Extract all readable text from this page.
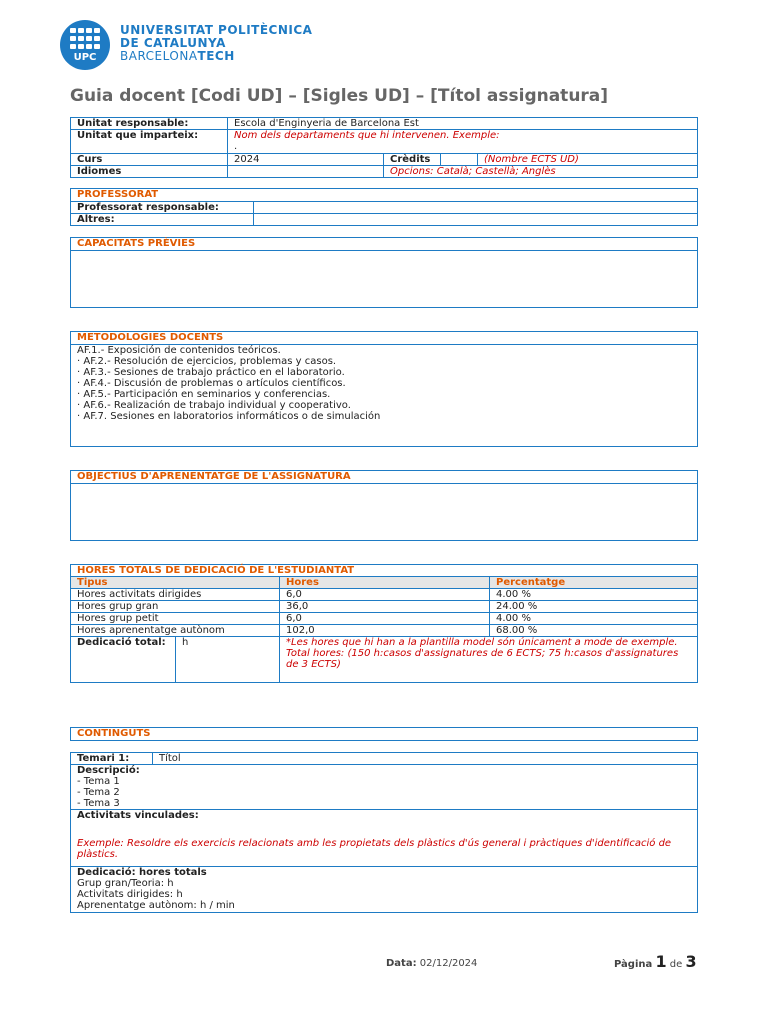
UPC
UNIVERSITAT POLITÈCNICA
DE CATALUNYA
BARCELONATECH
Guia docent [Codi UD] – [Sigles UD] – [Títol assignatura]
Unitat responsable:	Escola d'Enginyeria de Barcelona Est			
Unitat que imparteix:	Nom dels departaments que hi intervenen. Exemple:
.			

Curs	2024	Crèdits		(Nombre ECTS UD)
Idiomes		Opcions: Català; Castellà; Anglès		
PROFESSORAT	
Professorat responsable:	
Altres:	
CAPACITATS PRÈVIES

METODOLOGIES DOCENTS

AF.1.- Exposición de contenidos teóricos.
· AF.2.- Resolución de ejercicios, problemas y casos.
· AF.3.- Sesiones de trabajo práctico en el laboratorio.
· AF.4.- Discusión de problemas o artículos científicos.
· AF.5.- Participación en seminarios y conferencias.
· AF.6.- Realización de trabajo individual y cooperativo.
· AF.7. Sesiones en laboratorios informáticos o de simulación
OBJECTIUS D'APRENENTATGE DE L'ASSIGNATURA

HORES TOTALS DE DEDICACIÓ DE L'ESTUDIANTAT			
Tipus		Hores	Percentatge
Hores activitats dirigides		6,0	4.00 %
Hores grup gran		36,0	24.00 %
Hores grup petit		6,0	4.00 %
Hores aprenentatge autònom		102,0	68.00 %
Dedicació total:	h	*Les hores que hi han a la plantilla model són únicament a mode de exemple.
Total hores: (150 h:casos d'assignatures de 6 ECTS; 75 h:casos d'assignatures de 3 ECTS)	
CONTINGUTS
Temari 1:	Títol

Descripció:
- Tema 1
- Tema 2
- Tema 3

Activitats vinculades:
Exemple: Resoldre els exercicis relacionats amb les propietats dels plàstics d'ús general i pràctiques d'identificació de plàstics.

Dedicació: hores totals
Grup gran/Teoria: h
Activitats dirigides: h
Aprenentatge autònom: h / min
Data: 02/12/2024	Pàgina 1 de 3
